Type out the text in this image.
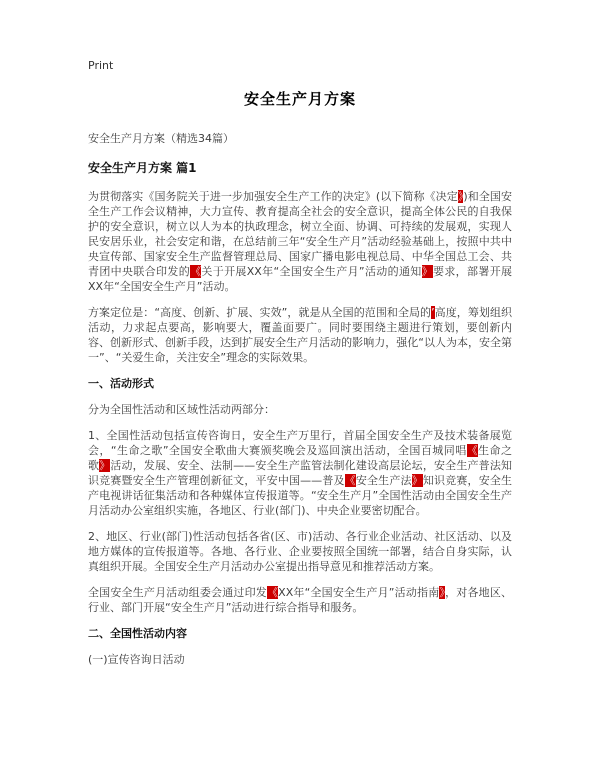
Print
安全生产月方案

安全生产月方案（精选34篇）

安全生产月方案 篇1

为贯彻落实《国务院关于进一步加强安全生产工作的决定》(以下简称《决定》)和全国安全生产工作会议精神，大力宣传、教育提高全社会的安全意识，提高全体公民的自我保护的安全意识，树立以人为本的执政理念，树立全面、协调、可持续的发展观，实现人民安居乐业，社会安定和谐，在总结前三年“安全生产月”活动经验基础上，按照中共中央宣传部、国家安全生产监督管理总局、国家广播电影电视总局、中华全国总工会、共青团中央联合印发的《关于开展XX年“全国安全生产月”活动的通知》要求，部署开展XX年“全国安全生产月”活动。

方案定位是：“高度、创新、扩展、实效”，就是从全国的范围和全局的’高度，筹划组织活动，力求起点要高，影响要大，覆盖面要广。同时要围绕主题进行策划，要创新内容、创新形式、创新手段，达到扩展安全生产月活动的影响力，强化“以人为本，安全第一”、“关爱生命，关注安全”理念的实际效果。

一、活动形式

分为全国性活动和区域性活动两部分：

1、全国性活动包括宣传咨询日，安全生产万里行，首届全国安全生产及技术装备展览会，“生命之歌”全国安全歌曲大赛颁奖晚会及巡回演出活动，全国百城同唱《生命之歌》活动，发展、安全、法制——安全生产监管法制化建设高层论坛，安全生产普法知识竞赛暨安全生产管理创新征文，平安中国——普及《安全生产法》知识竞赛，安全生产电视讲话征集活动和各种媒体宣传报道等。“安全生产月”全国性活动由全国安全生产月活动办公室组织实施，各地区、行业(部门)、中央企业要密切配合。

2、地区、行业(部门)性活动包括各省(区、市)活动、各行业企业活动、社区活动、以及地方媒体的宣传报道等。各地、各行业、企业要按照全国统一部署，结合自身实际，认真组织开展。全国安全生产月活动办公室提出指导意见和推荐活动方案。

全国安全生产月活动组委会通过印发《XX年“全国安全生产月”活动指南》，对各地区、行业、部门开展“安全生产月”活动进行综合指导和服务。

二、全国性活动内容

(一)宣传咨询日活动
